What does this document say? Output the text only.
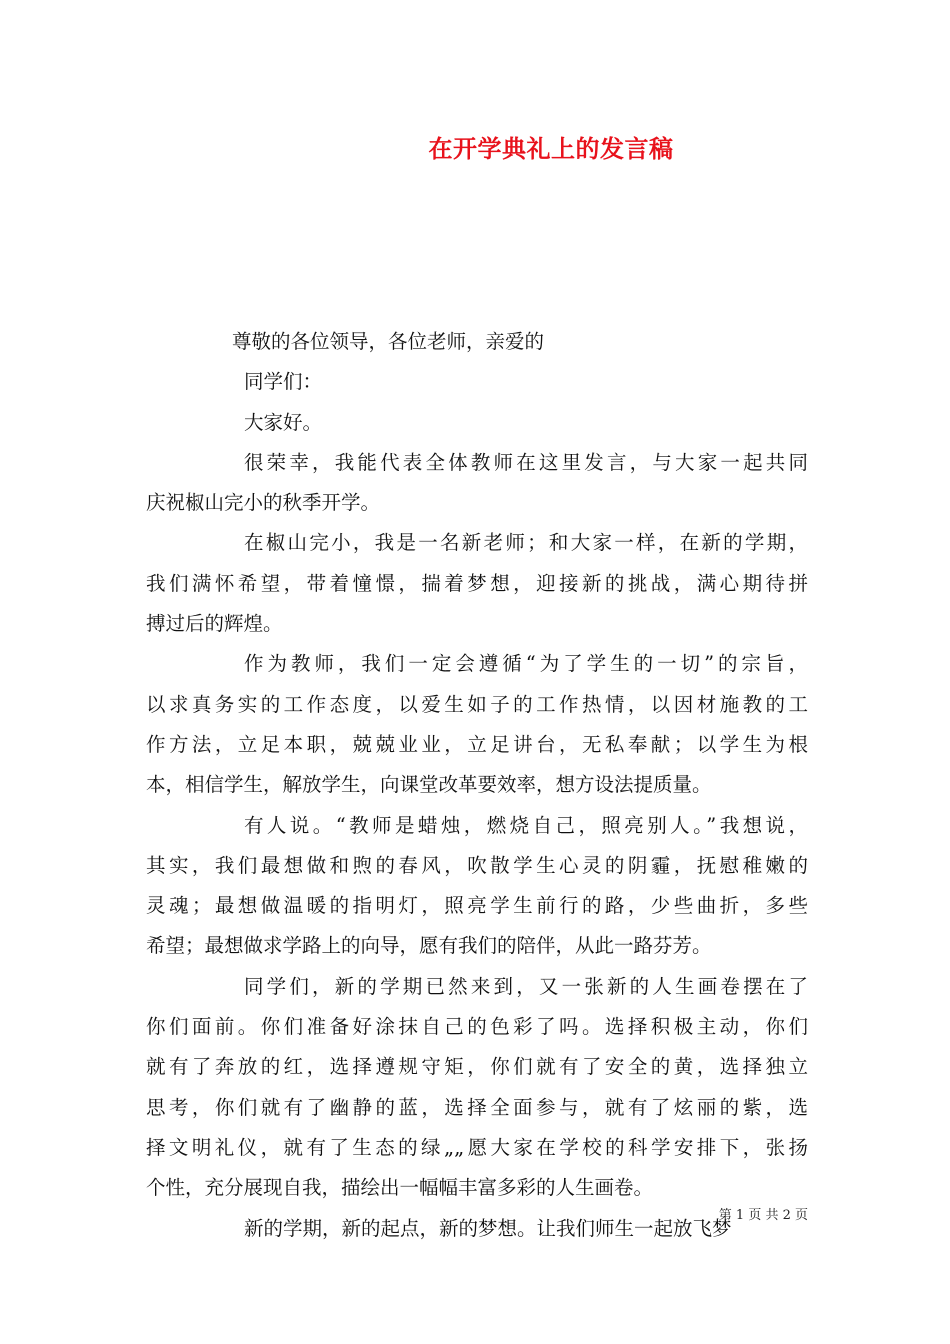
在开学典礼上的发言稿
尊敬的各位领导，各位老师，亲爱的
同学们：
大家好。
很荣幸，我能代表全体教师在这里发言，与大家一起共同
庆祝椒山完小的秋季开学。
在椒山完小，我是一名新老师；和大家一样，在新的学期，
我们满怀希望，带着憧憬，揣着梦想，迎接新的挑战，满心期待拼
搏过后的辉煌。
作为教师，我们一定会遵循“为了学生的一切”的宗旨，
以求真务实的工作态度，以爱生如子的工作热情，以因材施教的工
作方法，立足本职，兢兢业业，立足讲台，无私奉献；以学生为根
本，相信学生，解放学生，向课堂改革要效率，想方设法提质量。
有人说。“教师是蜡烛，燃烧自己，照亮别人。”我想说，
其实，我们最想做和煦的春风，吹散学生心灵的阴霾，抚慰稚嫩的
灵魂；最想做温暖的指明灯，照亮学生前行的路，少些曲折，多些
希望；最想做求学路上的向导，愿有我们的陪伴，从此一路芬芳。
同学们，新的学期已然来到，又一张新的人生画卷摆在了
你们面前。你们准备好涂抹自己的色彩了吗。选择积极主动，你们
就有了奔放的红，选择遵规守矩，你们就有了安全的黄，选择独立
思考，你们就有了幽静的蓝，选择全面参与，就有了炫丽的紫，选
择文明礼仪，就有了生态的绿„„愿大家在学校的科学安排下，张扬
个性，充分展现自我，描绘出一幅幅丰富多彩的人生画卷。
新的学期，新的起点，新的梦想。让我们师生一起放飞梦
第 1 页 共 2 页
